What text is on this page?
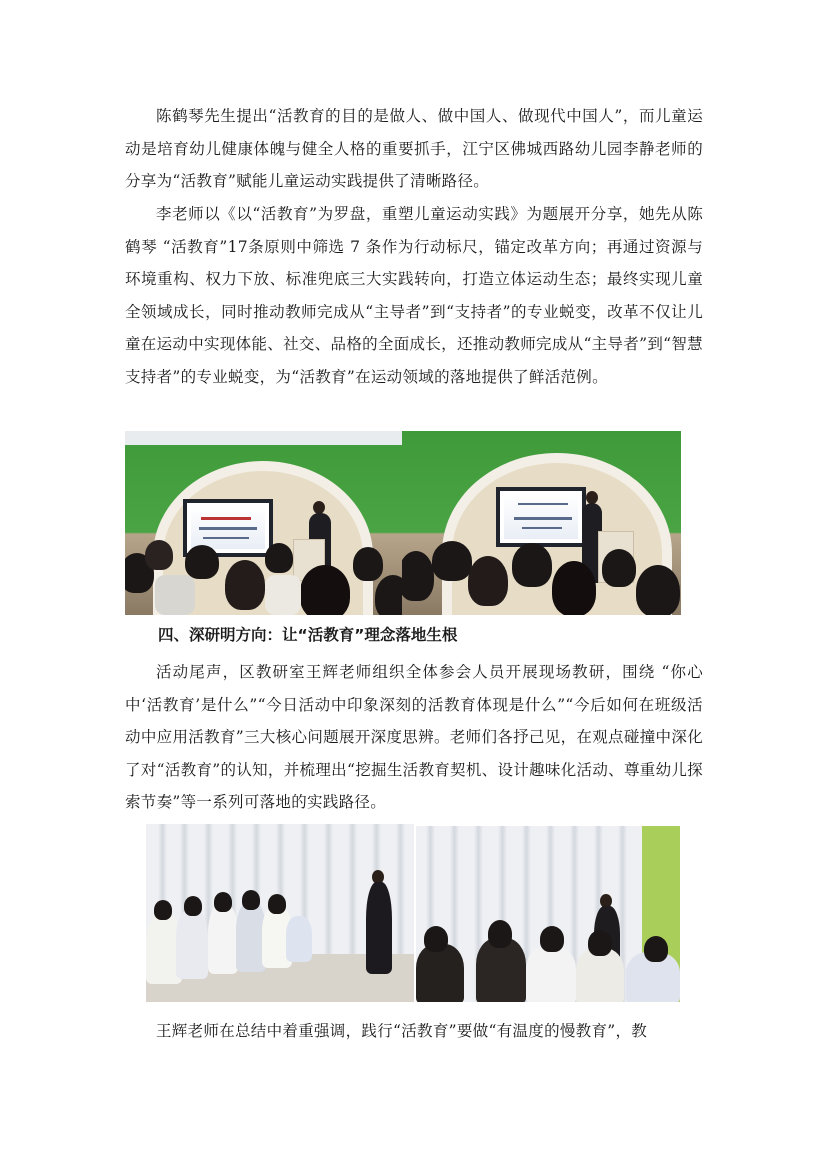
陈鹤琴先生提出“活教育的目的是做人、做中国人、做现代中国人”，而儿童运动是培育幼儿健康体魄与健全人格的重要抓手，江宁区佛城西路幼儿园李静老师的分享为“活教育”赋能儿童运动实践提供了清晰路径。

李老师以《以“活教育”为罗盘，重塑儿童运动实践》为题展开分享，她先从陈鹤琴 “活教育”17条原则中筛选 7 条作为行动标尺，锚定改革方向；再通过资源与环境重构、权力下放、标准兜底三大实践转向，打造立体运动生态；最终实现儿童全领域成长，同时推动教师完成从“主导者”到“支持者”的专业蜕变，改革不仅让儿童在运动中实现体能、社交、品格的全面成长，还推动教师完成从“主导者”到“智慧支持者”的专业蜕变，为“活教育”在运动领域的落地提供了鲜活范例。

四、深研明方向：让“活教育”理念落地生根

活动尾声，区教研室王辉老师组织全体参会人员开展现场教研，围绕 “你心中‘活教育’是什么”“今日活动中印象深刻的活教育体现是什么”“今后如何在班级活动中应用活教育”三大核心问题展开深度思辨。老师们各抒己见，在观点碰撞中深化了对“活教育”的认知，并梳理出“挖掘生活教育契机、设计趣味化活动、尊重幼儿探索节奏”等一系列可落地的实践路径。

王辉老师在总结中着重强调，践行“活教育”要做“有温度的慢教育”，教
